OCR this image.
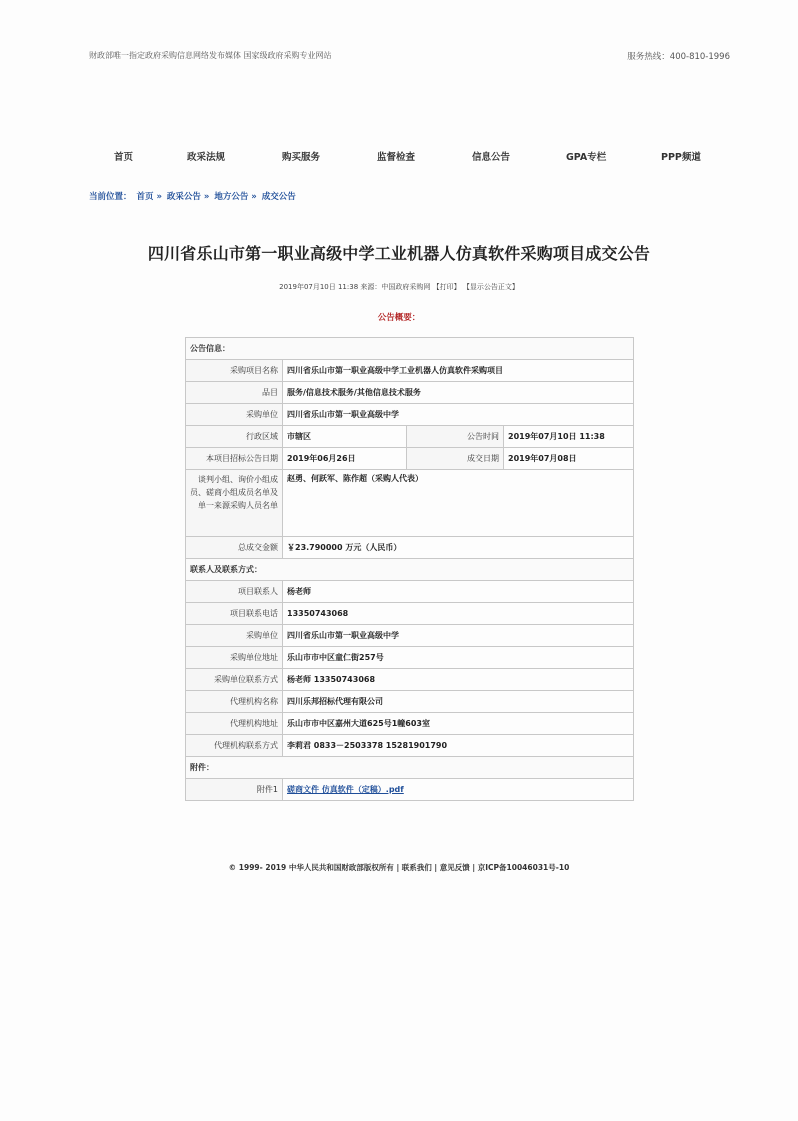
财政部唯一指定政府采购信息网络发布媒体 国家级政府采购专业网站	服务热线：400-810-1996
首页	政采法规	购买服务	监督检查	信息公告	GPA专栏	PPP频道
当前位置： 首页 » 政采公告 » 地方公告 » 成交公告
四川省乐山市第一职业高级中学工业机器人仿真软件采购项目成交公告
2019年07月10日 11:38 来源：中国政府采购网 【打印】 【显示公告正文】
公告概要：
公告信息：			
采购项目名称	四川省乐山市第一职业高级中学工业机器人仿真软件采购项目		
品目	服务/信息技术服务/其他信息技术服务		
采购单位	四川省乐山市第一职业高级中学		
行政区域	市辖区	公告时间	2019年07月10日 11:38
本项目招标公告日期	2019年06月26日	成交日期	2019年07月08日
谈判小组、询价小组成员、磋商小组成员名单及单一来源采购人员名单	赵勇、何跃军、陈作超（采购人代表）		
总成交金额	￥23.790000 万元（人民币）		
联系人及联系方式：			
项目联系人	杨老师		
项目联系电话	13350743068		
采购单位	四川省乐山市第一职业高级中学		
采购单位地址	乐山市市中区童仁街257号		
采购单位联系方式	杨老师 13350743068		
代理机构名称	四川乐邦招标代理有限公司		
代理机构地址	乐山市市中区嘉州大道625号1幢603室		
代理机构联系方式	李莉君 0833－2503378 15281901790		
附件：			
附件1	磋商文件 仿真软件（定稿）.pdf		
© 1999- 2019 中华人民共和国财政部版权所有 | 联系我们 | 意见反馈 | 京ICP备10046031号-10
